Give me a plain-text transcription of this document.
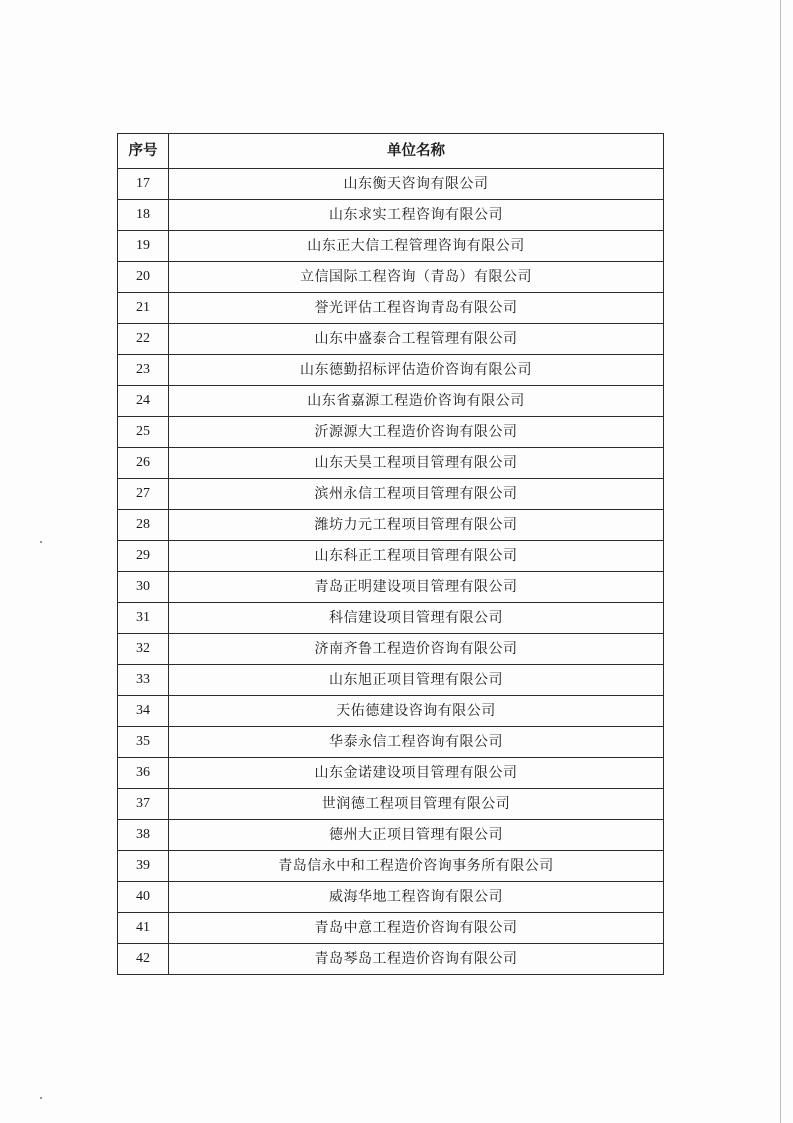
序号	单位名称
17	山东衡天咨询有限公司
18	山东求实工程咨询有限公司
19	山东正大信工程管理咨询有限公司
20	立信国际工程咨询（青岛）有限公司
21	誉光评估工程咨询青岛有限公司
22	山东中盛泰合工程管理有限公司
23	山东德勤招标评估造价咨询有限公司
24	山东省嘉源工程造价咨询有限公司
25	沂源源大工程造价咨询有限公司
26	山东天昊工程项目管理有限公司
27	滨州永信工程项目管理有限公司
28	潍坊力元工程项目管理有限公司
29	山东科正工程项目管理有限公司
30	青岛正明建设项目管理有限公司
31	科信建设项目管理有限公司
32	济南齐鲁工程造价咨询有限公司
33	山东旭正项目管理有限公司
34	天佑德建设咨询有限公司
35	华泰永信工程咨询有限公司
36	山东金诺建设项目管理有限公司
37	世润德工程项目管理有限公司
38	德州大正项目管理有限公司
39	青岛信永中和工程造价咨询事务所有限公司
40	威海华地工程咨询有限公司
41	青岛中意工程造价咨询有限公司
42	青岛琴岛工程造价咨询有限公司
